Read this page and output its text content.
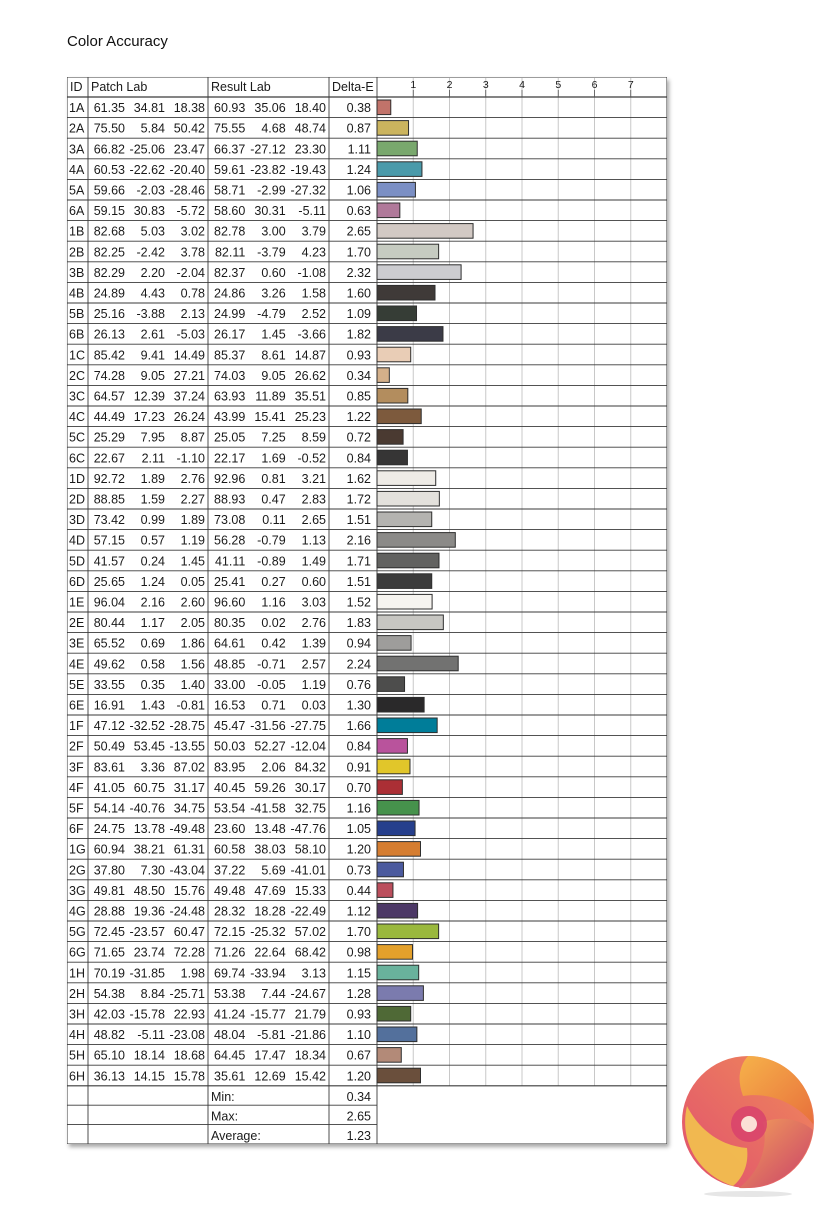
Color Accuracy
ID Patch Lab	Result Lab	Delta-E	1	2	3	4	5	6	7
1A 61.35 34.81 18.38 60.93 35.06 18.40 0.38
2A 75.50 5.84 50.42 75.55 4.68 48.74 0.87
3A 66.82 -25.06 23.47 66.37 -27.12 23.30 1.11
4A 60.53 -22.62 -20.40 59.61 -23.82 -19.43 1.24
5A 59.66 -2.03 -28.46 58.71 -2.99 -27.32 1.06
6A 59.15 30.83 -5.72 58.60 30.31 -5.11 0.63
1B 82.68 5.03 3.02 82.78 3.00 3.79 2.65
2B 82.25 -2.42 3.78 82.11 -3.79 4.23 1.70
3B 82.29 2.20 -2.04 82.37 0.60 -1.08 2.32
4B 24.89 4.43 0.78 24.86 3.26 1.58 1.60
5B 25.16 -3.88 2.13 24.99 -4.79 2.52 1.09
6B 26.13 2.61 -5.03 26.17 1.45 -3.66 1.82
1C 85.42 9.41 14.49 85.37 8.61 14.87 0.93
2C 74.28 9.05 27.21 74.03 9.05 26.62 0.34
3C 64.57 12.39 37.24 63.93 11.89 35.51 0.85
4C 44.49 17.23 26.24 43.99 15.41 25.23 1.22
5C 25.29 7.95 8.87 25.05 7.25 8.59 0.72
6C 22.67 2.11 -1.10 22.17 1.69 -0.52 0.84
1D 92.72 1.89 2.76 92.96 0.81 3.21 1.62
2D 88.85 1.59 2.27 88.93 0.47 2.83 1.72
3D 73.42 0.99 1.89 73.08 0.11 2.65 1.51
4D 57.15 0.57 1.19 56.28 -0.79 1.13 2.16
5D 41.57 0.24 1.45 41.11 -0.89 1.49 1.71
6D 25.65 1.24 0.05 25.41 0.27 0.60 1.51
1E 96.04 2.16 2.60 96.60 1.16 3.03 1.52
2E 80.44 1.17 2.05 80.35 0.02 2.76 1.83
3E 65.52 0.69 1.86 64.61 0.42 1.39 0.94
4E 49.62 0.58 1.56 48.85 -0.71 2.57 2.24
5E 33.55 0.35 1.40 33.00 -0.05 1.19 0.76
6E 16.91 1.43 -0.81 16.53 0.71 0.03 1.30
1F 47.12 -32.52 -28.75 45.47 -31.56 -27.75 1.66
2F 50.49 53.45 -13.55 50.03 52.27 -12.04 0.84
3F 83.61 3.36 87.02 83.95 2.06 84.32 0.91
4F 41.05 60.75 31.17 40.45 59.26 30.17 0.70
5F 54.14 -40.76 34.75 53.54 -41.58 32.75 1.16
6F 24.75 13.78 -49.48 23.60 13.48 -47.76 1.05
1G 60.94 38.21 61.31 60.58 38.03 58.10 1.20
2G 37.80 7.30 -43.04 37.22 5.69 -41.01 0.73
3G 49.81 48.50 15.76 49.48 47.69 15.33 0.44
4G 28.88 19.36 -24.48 28.32 18.28 -22.49 1.12
5G 72.45 -23.57 60.47 72.15 -25.32 57.02 1.70
6G 71.65 23.74 72.28 71.26 22.64 68.42 0.98
1H 70.19 -31.85 1.98 69.74 -33.94 3.13 1.15
2H 54.38 8.84 -25.71 53.38 7.44 -24.67 1.28
3H 42.03 -15.78 22.93 41.24 -15.77 21.79 0.93
4H 48.82 -5.11 -23.08 48.04 -5.81 -21.86 1.10
5H 65.10 18.14 18.68 64.45 17.47 18.34 0.67
6H 36.13 14.15 15.78 35.61 12.69 15.42 1.20
Min:	0.34
Max:	2.65
Average:	1.23
